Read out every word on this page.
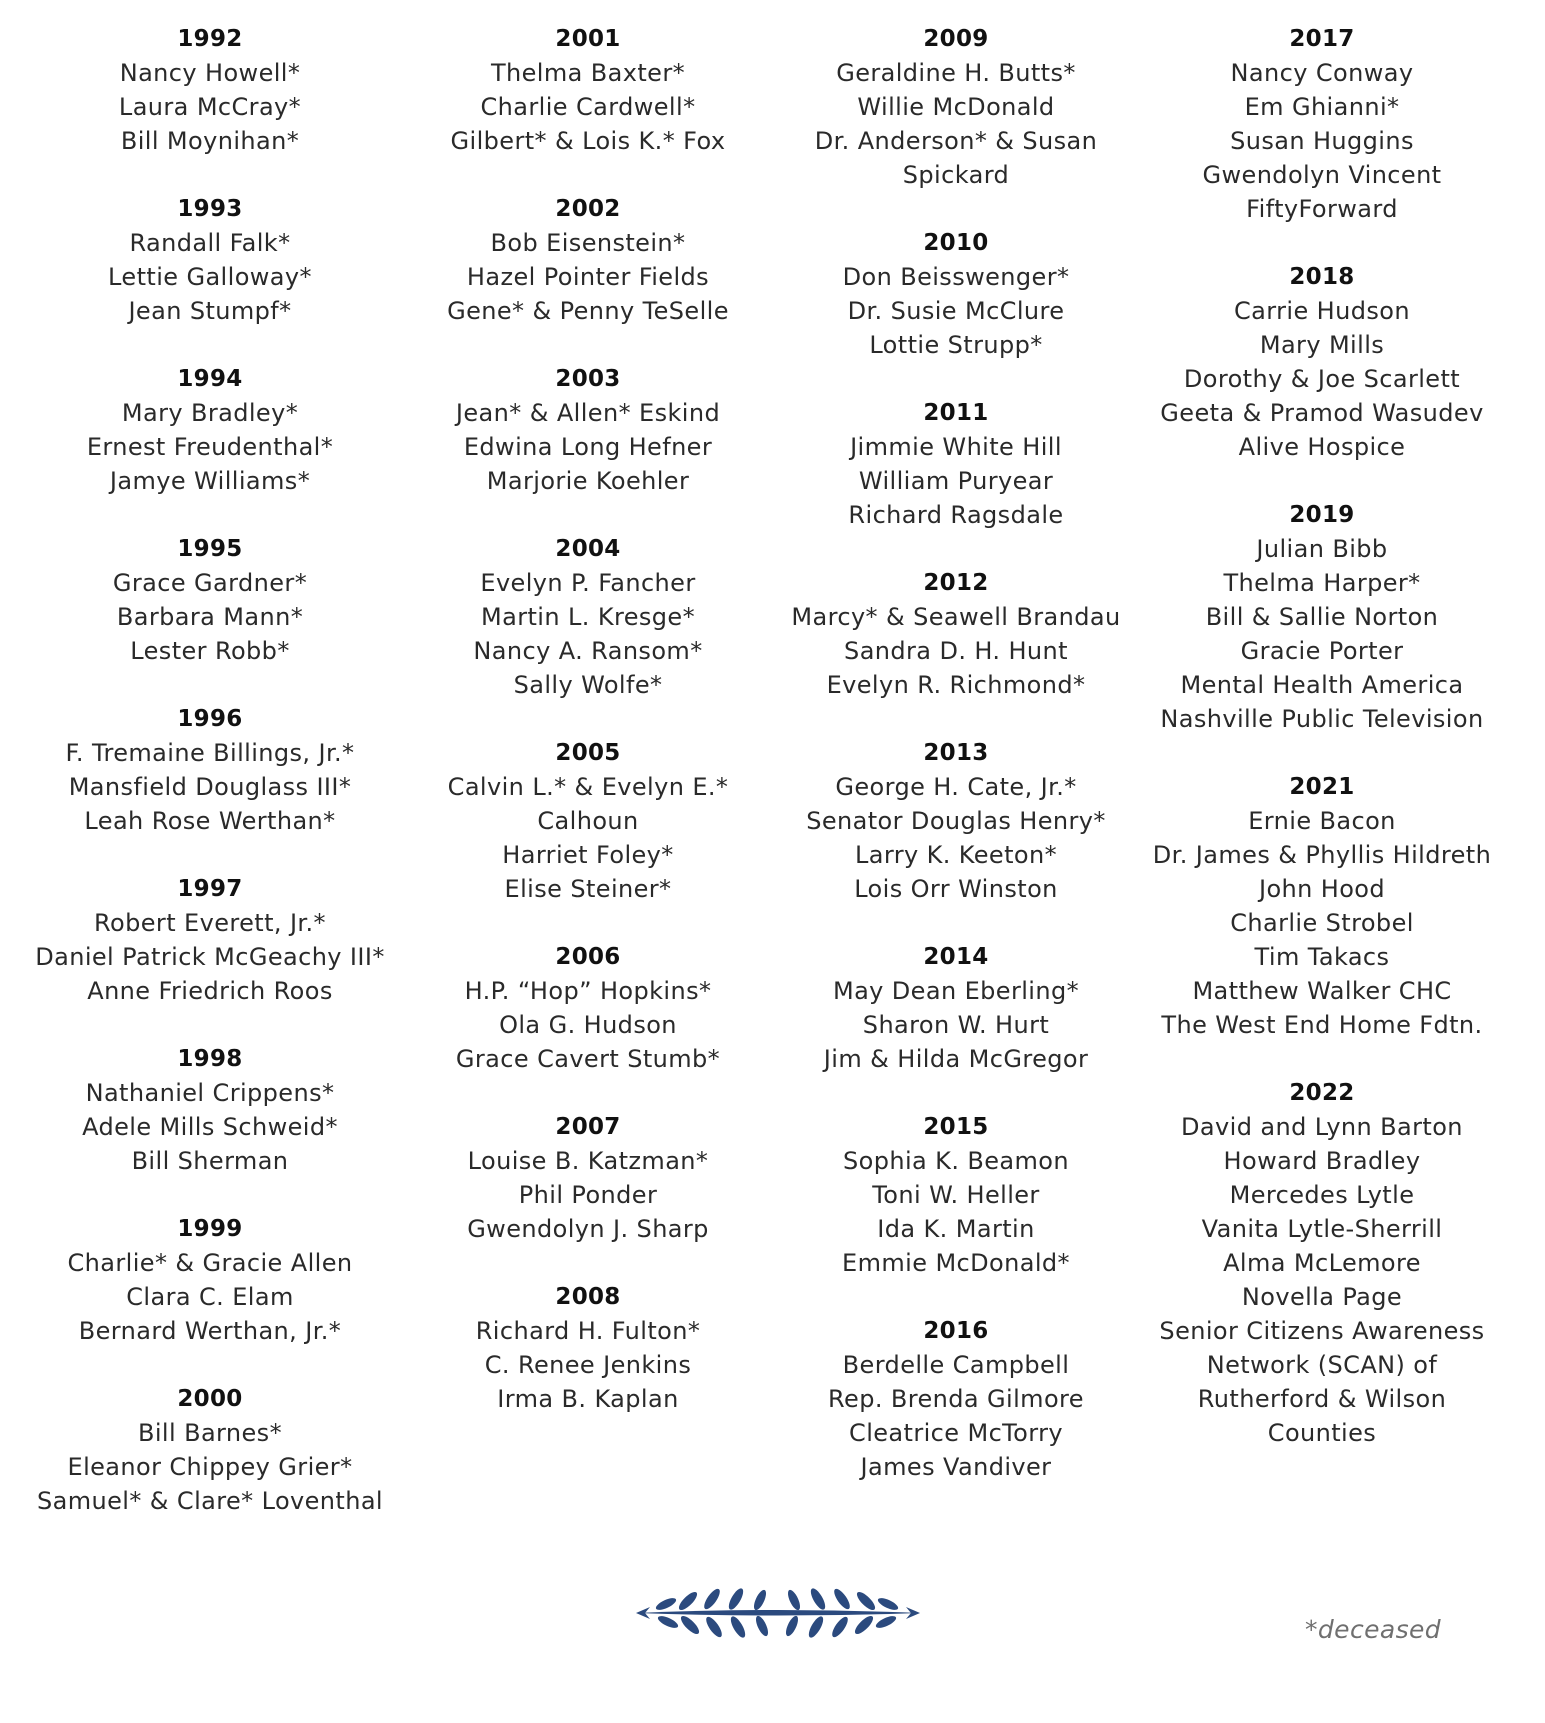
1992
Nancy Howell*
Laura McCray*
Bill Moynihan*
1993
Randall Falk*
Lettie Galloway*
Jean Stumpf*
1994
Mary Bradley*
Ernest Freudenthal*
Jamye Williams*
1995
Grace Gardner*
Barbara Mann*
Lester Robb*
1996
F. Tremaine Billings, Jr.*
Mansfield Douglass III*
Leah Rose Werthan*
1997
Robert Everett, Jr.*
Daniel Patrick McGeachy III*
Anne Friedrich Roos
1998
Nathaniel Crippens*
Adele Mills Schweid*
Bill Sherman
1999
Charlie* & Gracie Allen
Clara C. Elam
Bernard Werthan, Jr.*
2000
Bill Barnes*
Eleanor Chippey Grier*
Samuel* & Clare* Loventhal
2001
Thelma Baxter*
Charlie Cardwell*
Gilbert* & Lois K.* Fox
2002
Bob Eisenstein*
Hazel Pointer Fields
Gene* & Penny TeSelle
2003
Jean* & Allen* Eskind
Edwina Long Hefner
Marjorie Koehler
2004
Evelyn P. Fancher
Martin L. Kresge*
Nancy A. Ransom*
Sally Wolfe*
2005
Calvin L.* & Evelyn E.*
Calhoun
Harriet Foley*
Elise Steiner*
2006
H.P. “Hop” Hopkins*
Ola G. Hudson
Grace Cavert Stumb*
2007
Louise B. Katzman*
Phil Ponder
Gwendolyn J. Sharp
2008
Richard H. Fulton*
C. Renee Jenkins
Irma B. Kaplan
2009
Geraldine H. Butts*
Willie McDonald
Dr. Anderson* & Susan
Spickard
2010
Don Beisswenger*
Dr. Susie McClure
Lottie Strupp*
2011
Jimmie White Hill
William Puryear
Richard Ragsdale
2012
Marcy* & Seawell Brandau
Sandra D. H. Hunt
Evelyn R. Richmond*
2013
George H. Cate, Jr.*
Senator Douglas Henry*
Larry K. Keeton*
Lois Orr Winston
2014
May Dean Eberling*
Sharon W. Hurt
Jim & Hilda McGregor
2015
Sophia K. Beamon
Toni W. Heller
Ida K. Martin
Emmie McDonald*
2016
Berdelle Campbell
Rep. Brenda Gilmore
Cleatrice McTorry
James Vandiver
2017
Nancy Conway
Em Ghianni*
Susan Huggins
Gwendolyn Vincent
FiftyForward
2018
Carrie Hudson
Mary Mills
Dorothy & Joe Scarlett
Geeta & Pramod Wasudev
Alive Hospice
2019
Julian Bibb
Thelma Harper*
Bill & Sallie Norton
Gracie Porter
Mental Health America
Nashville Public Television
2021
Ernie Bacon
Dr. James & Phyllis Hildreth
John Hood
Charlie Strobel
Tim Takacs
Matthew Walker CHC
The West End Home Fdtn.
2022
David and Lynn Barton
Howard Bradley
Mercedes Lytle
Vanita Lytle-Sherrill
Alma McLemore
Novella Page
Senior Citizens Awareness
Network (SCAN) of
Rutherford & Wilson
Counties
*deceased
